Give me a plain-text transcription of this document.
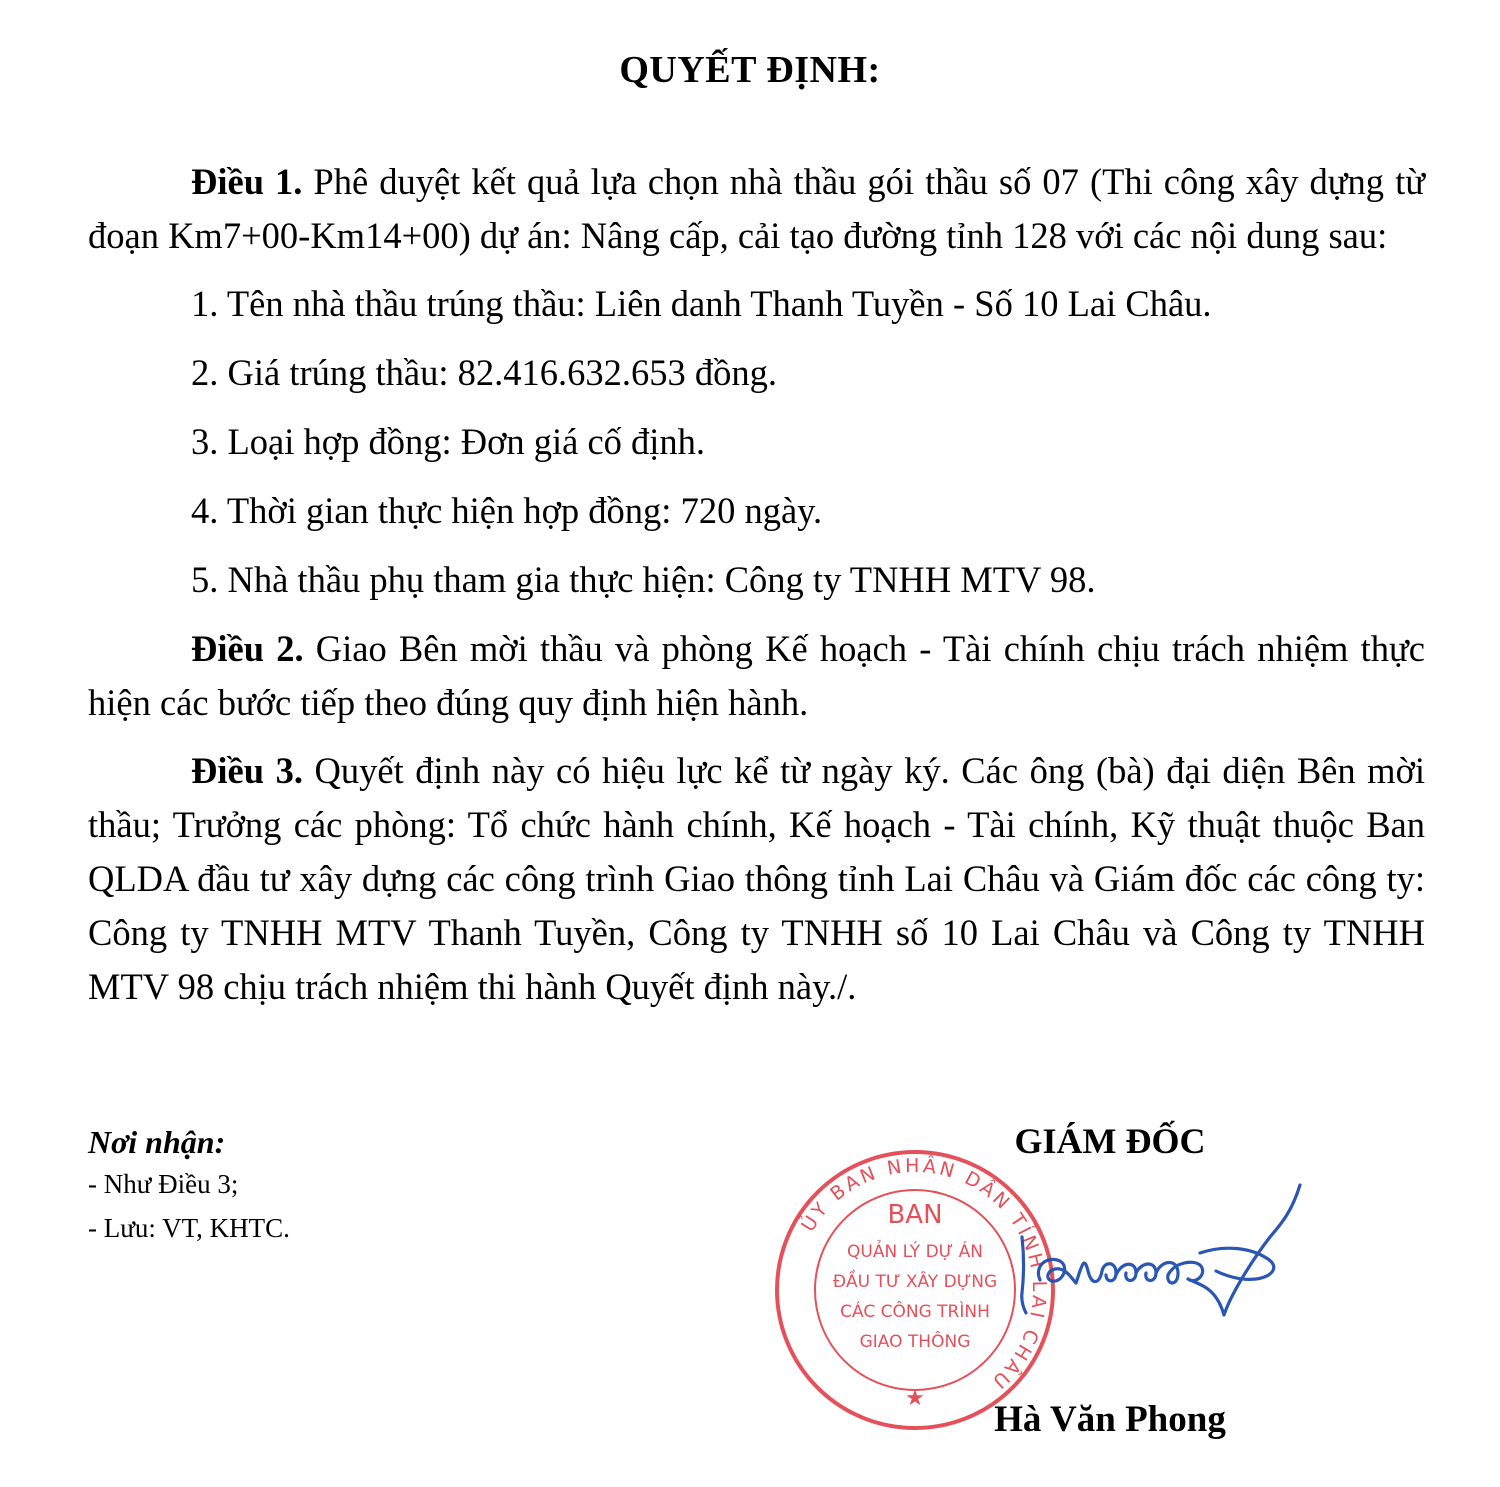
QUYẾT ĐỊNH:

Điều 1. Phê duyệt kết quả lựa chọn nhà thầu gói thầu số 07 (Thi công xây dựng từ đoạn Km7+00-Km14+00) dự án: Nâng cấp, cải tạo đường tỉnh 128 với các nội dung sau:

1. Tên nhà thầu trúng thầu: Liên danh Thanh Tuyền - Số 10 Lai Châu.
2. Giá trúng thầu: 82.416.632.653 đồng.
3. Loại hợp đồng: Đơn giá cố định.
4. Thời gian thực hiện hợp đồng: 720 ngày.
5. Nhà thầu phụ tham gia thực hiện: Công ty TNHH MTV 98.

Điều 2. Giao Bên mời thầu và phòng Kế hoạch - Tài chính chịu trách nhiệm thực hiện các bước tiếp theo đúng quy định hiện hành.

Điều 3. Quyết định này có hiệu lực kể từ ngày ký. Các ông (bà) đại diện Bên mời thầu; Trưởng các phòng: Tổ chức hành chính, Kế hoạch - Tài chính, Kỹ thuật thuộc Ban QLDA đầu tư xây dựng các công trình Giao thông tỉnh Lai Châu và Giám đốc các công ty: Công ty TNHH MTV Thanh Tuyền, Công ty TNHH số 10 Lai Châu và Công ty TNHH MTV 98 chịu trách nhiệm thi hành Quyết định này./.

Nơi nhận:
- Như Điều 3;
- Lưu: VT, KHTC.
GIÁM ĐỐC
ỦY BAN NHÂN DÂN TỈNH LAI CHÂU
BAN
QUẢN LÝ DỰ ÁN
ĐẦU TƯ XÂY DỰNG
CÁC CÔNG TRÌNH
GIAO THÔNG
★
Hà Văn Phong
